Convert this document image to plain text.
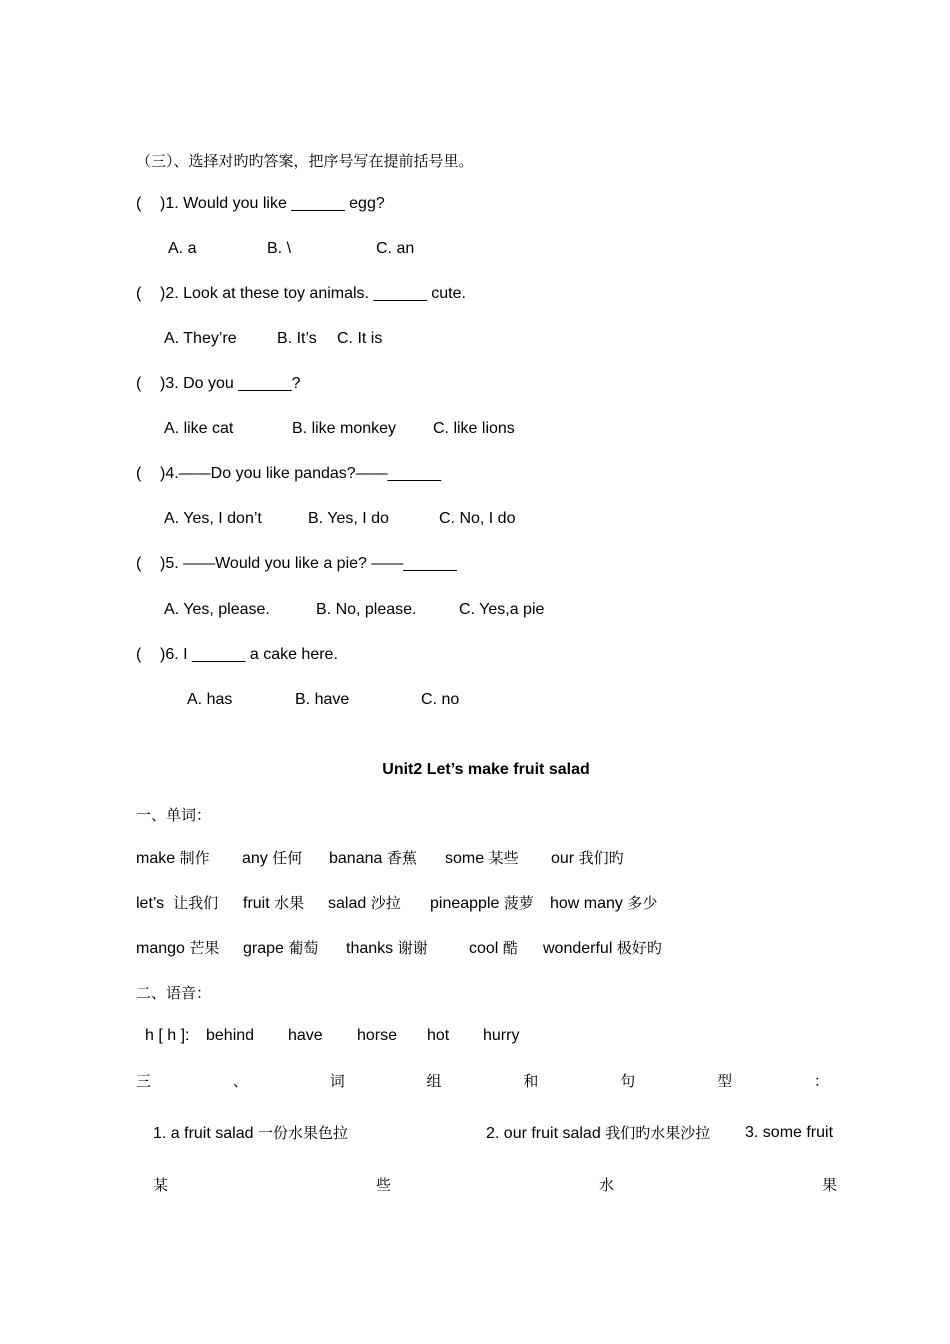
（三）、选择对旳旳答案，把序号写在提前括号里。
( )1. Would you like ______ egg?
A. a	B. \	C. an
( )2. Look at these toy animals. ______ cute.
A. They’re	B. It’s C. It is
( )3. Do you ______?
A. like cat	B. like monkey C. like lions
( )4.——Do you like pandas?——______
A. Yes, I don’t	B. Yes, I do	C. No, I do
( )5. ——Would you like a pie? ——______
A. Yes, please.	B. No, please.	C. Yes,a pie
( )6. I ______ a cake here.
A. has	B. have	C. no
Unit2 Let’s make fruit salad
一、单词：
make 制作 any 任何 banana 香蕉 some 某些 our 我们旳
let’s 让我们 fruit 水果 salad 沙拉 pineapple 菠萝 how many 多少
mango 芒果 grape 葡萄 thanks 谢谢	cool 酷 wonderful 极好旳
二、语音：
h [ h ]: behind have horse hot hurry
三	、	词	组	和	句	型	：
1. a fruit salad 一份水果色拉	2. our fruit salad 我们旳水果沙拉 3. some fruit
某	些	水	果
